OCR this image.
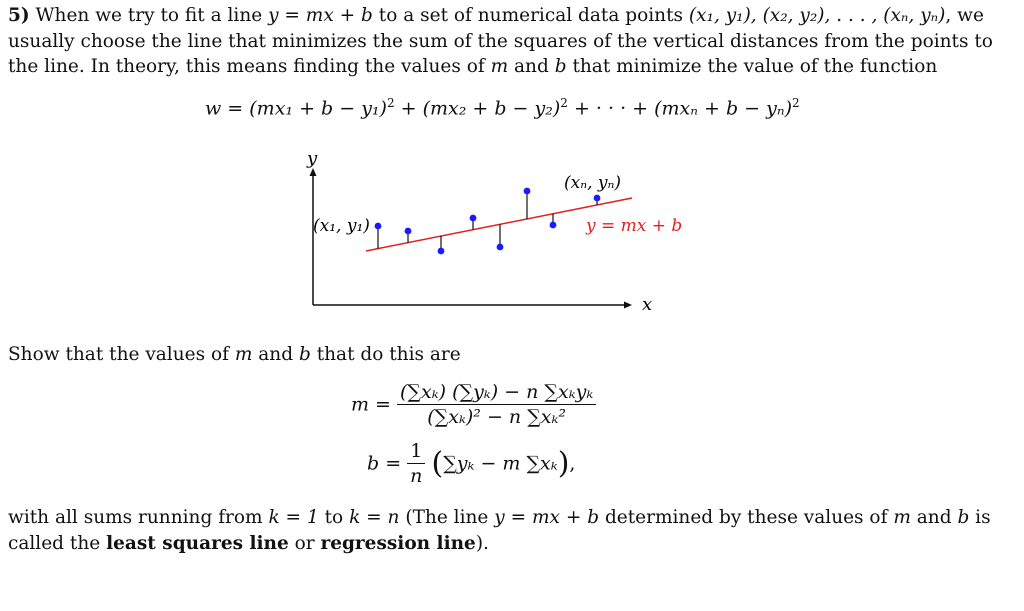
5) When we try to fit a line y = mx + b to a set of numerical data points (x₁, y₁), (x₂, y₂), . . . , (xₙ, yₙ), we usually choose the line that minimizes the sum of the squares of the vertical distances from the points to the line. In theory, this means finding the values of m and b that minimize the value of the function
$w = (mx_1 + b - y_1)^2 + (mx_2 + b - y_2)^2$ + · · · + $(mx_n + b - y_n)^2$
y
x
(x₁, y₁)
(xₙ, yₙ)
y = mx + b
Show that the values of m and b that do this are
$m = \frac{\text{(∑xₖ) (∑yₖ) − n ∑xₖyₖ}}{\text{(∑xₖ)² − n ∑xₖ²}}$
$b = \frac{1}{n} (\sum y_k - m$ ∑xₖ),
with all sums running from k = 1 to k = n (The line y = mx + b determined by these values of m and b is called the least squares line or regression line).
